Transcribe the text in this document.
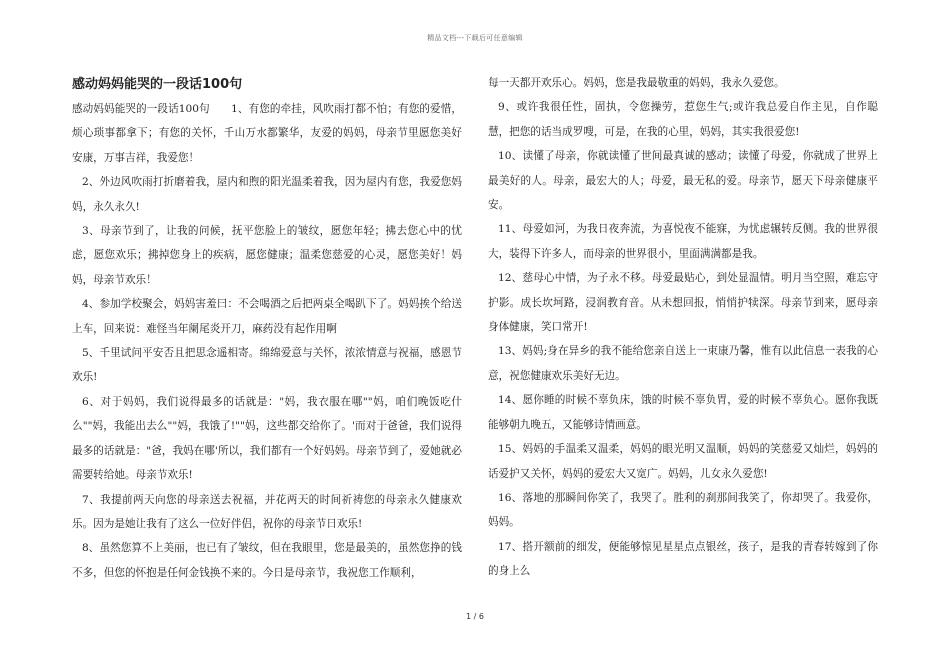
精品文档---下载后可任意编辑
感动妈妈能哭的一段话100句

感动妈妈能哭的一段话100句　　1、有您的牵挂，风吹雨打都不怕；有您的爱惜，烦心琐事都拿下；有您的关怀，千山万水都繁华，友爱的妈妈，母亲节里愿您美好安康，万事吉祥，我爱您！

2、外边风吹雨打折磨着我，屋内和煦的阳光温柔着我，因为屋内有您，我爱您妈妈，永久永久!

3、母亲节到了，让我的问候，抚平您脸上的皱纹，愿您年轻；拂去您心中的忧虑，愿您欢乐；拂掉您身上的疾病，愿您健康；温柔您慈爱的心灵，愿您美好！妈妈，母亲节欢乐！

4、参加学校聚会，妈妈害羞曰：不会喝酒之后把两桌全喝趴下了。妈妈挨个给送上车，回来说：难怪当年阑尾炎开刀，麻药没有起作用啊

5、千里试问平安否且把思念遥相寄。绵绵爱意与关怀，浓浓情意与祝福，感恩节欢乐!

6、对于妈妈，我们说得最多的话就是："妈，我衣服在哪""妈，咱们晚饭吃什么""妈，我能出去么""妈，我饿了!""妈，这些都交给你了。'而对于爸爸，我们说得最多的话就是："爸，我妈在哪'所以，我们都有一个好妈妈。母亲节到了，爱她就必需要转给她。母亲节欢乐!

7、我提前两天向您的母亲送去祝福，并花两天的时间祈祷您的母亲永久健康欢乐。因为是她让我有了这么一位好伴侣，祝你的母亲节日欢乐!

8、虽然您算不上美丽，也已有了皱纹，但在我眼里，您是最美的，虽然您挣的钱不多，但您的怀抱是任何金钱换不来的。今日是母亲节，我祝您工作顺利，

每一天都开欢乐心。妈妈，您是我最敬重的妈妈，我永久爱您。

9、或许我很任性，固执，令您操劳，惹您生气;或许我总爱自作主见，自作聪慧，把您的话当成罗嗖，可是，在我的心里，妈妈，其实我很爱您!

10、读懂了母亲，你就读懂了世间最真诚的感动；读懂了母爱，你就成了世界上最美好的人。母亲，最宏大的人；母爱，最无私的爱。母亲节，愿天下母亲健康平安。

11、母爱如河，为我日夜奔流，为喜悦夜不能寐，为忧虑辗转反侧。我的世界很大，装得下许多人，而母亲的世界很小，里面满满都是我。

12、慈母心中情，为子永不移。母爱最贴心，到处显温情。明月当空照，难忘守护影。成长坎坷路，浸润教育音。从未想回报，悄悄护犊深。母亲节到来，愿母亲身体健康，笑口常开!

13、妈妈;身在异乡的我不能给您亲自送上一束康乃馨，惟有以此信息一表我的心意，祝您健康欢乐美好无边。

14、愿你睡的时候不辜负床，饿的时候不辜负胃，爱的时候不辜负心。愿你我既能够朝九晚五，又能够诗情画意。

15、妈妈的手温柔又温柔，妈妈的眼光明又温顺，妈妈的笑慈爱又灿烂，妈妈的话爱护又关怀，妈妈的爱宏大又宽广。妈妈，儿女永久爱您!

16、落地的那瞬间你笑了，我哭了。胜利的刹那间我笑了，你却哭了。我爱你，妈妈。

17、搭开额前的细发，便能够惊见星星点点银丝，孩子，是我的青春转嫁到了你的身上么

1 / 6
